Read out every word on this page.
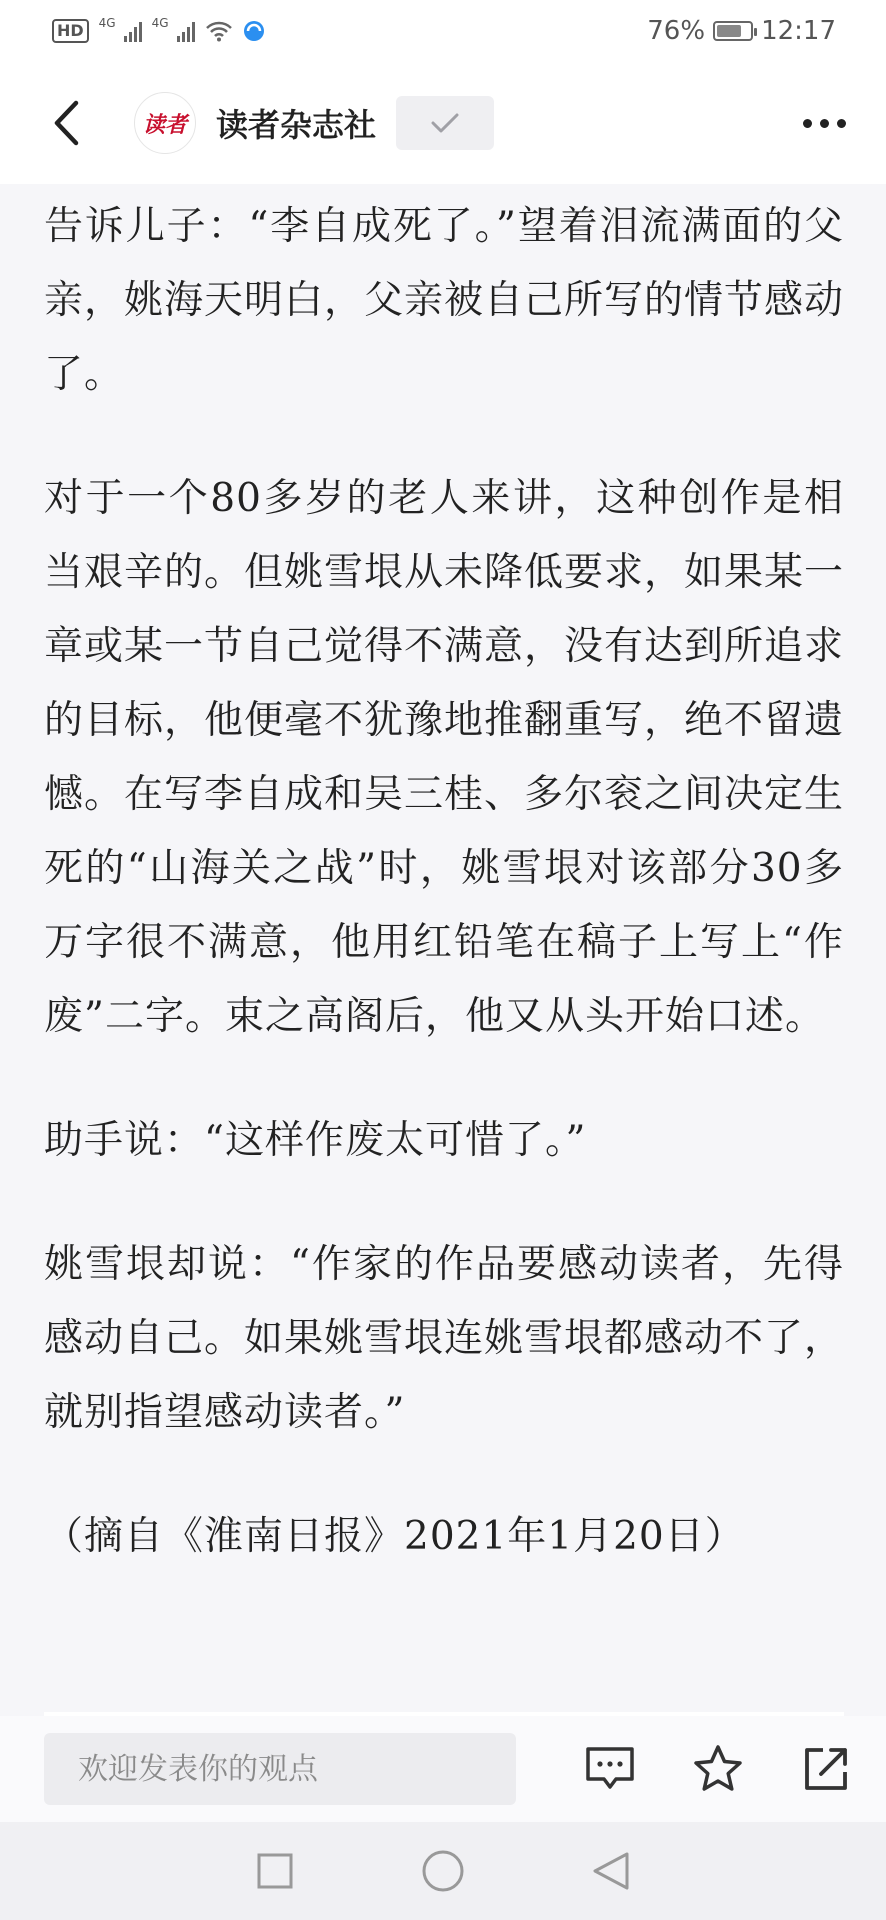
HD	4G	4G	76% 12:17
读者 读者杂志社

告诉儿子：“李自成死了。”望着泪流满面的父亲，姚海天明白，父亲被自己所写的情节感动了。

对于一个80多岁的老人来讲，这种创作是相当艰辛的。但姚雪垠从未降低要求，如果某一章或某一节自己觉得不满意，没有达到所追求的目标，他便毫不犹豫地推翻重写，绝不留遗憾。在写李自成和吴三桂、多尔衮之间决定生死的“山海关之战”时，姚雪垠对该部分30多万字很不满意，他用红铅笔在稿子上写上“作废”二字。束之高阁后，他又从头开始口述。

助手说：“这样作废太可惜了。”

姚雪垠却说：“作家的作品要感动读者，先得感动自己。如果姚雪垠连姚雪垠都感动不了，就别指望感动读者。”

（摘自《淮南日报》2021年1月20日）

欢迎发表你的观点
